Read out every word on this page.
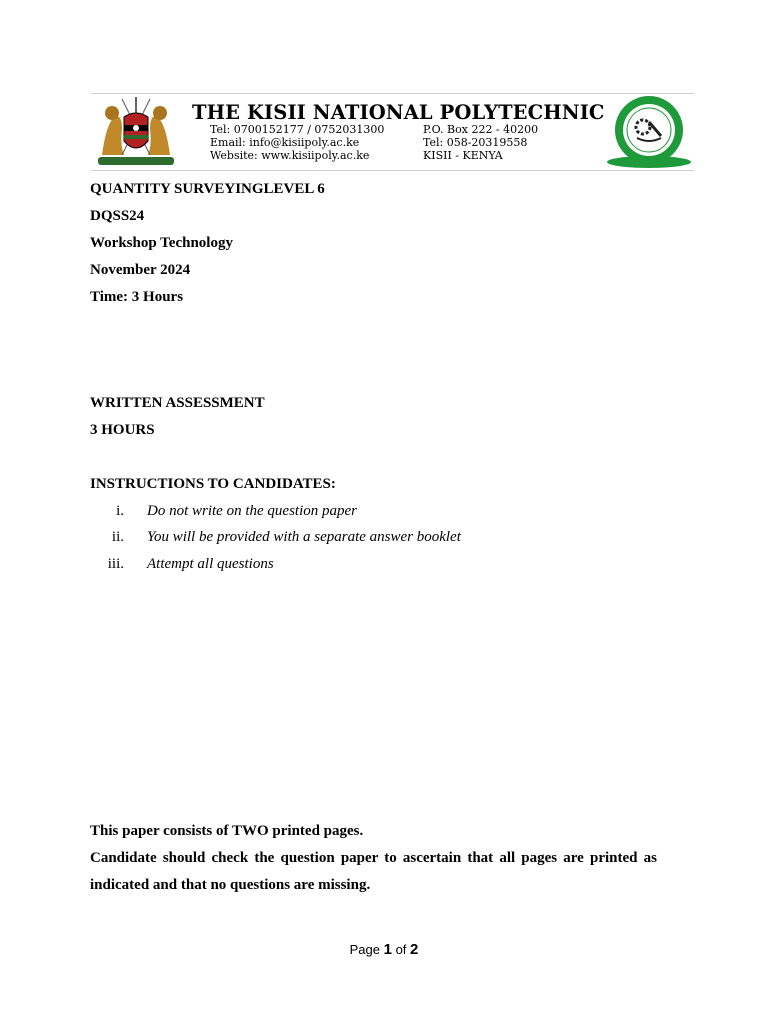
THE KISII NATIONAL POLYTECHNIC
Tel: 0700152177 / 0752031300
Email: info@kisiipoly.ac.ke
Website: www.kisiipoly.ac.ke
P.O. Box 222 - 40200
Tel: 058-20319558
KISII - KENYA
QUANTITY SURVEYINGLEVEL 6
DQSS24
Workshop Technology
November 2024
Time: 3 Hours
WRITTEN ASSESSMENT
3 HOURS
INSTRUCTIONS TO CANDIDATES:
i. Do not write on the question paper
ii. You will be provided with a separate answer booklet
iii. Attempt all questions
This paper consists of TWO printed pages.
Candidate should check the question paper to ascertain that all pages are printed as indicated and that no questions are missing.
Page 1 of 2
